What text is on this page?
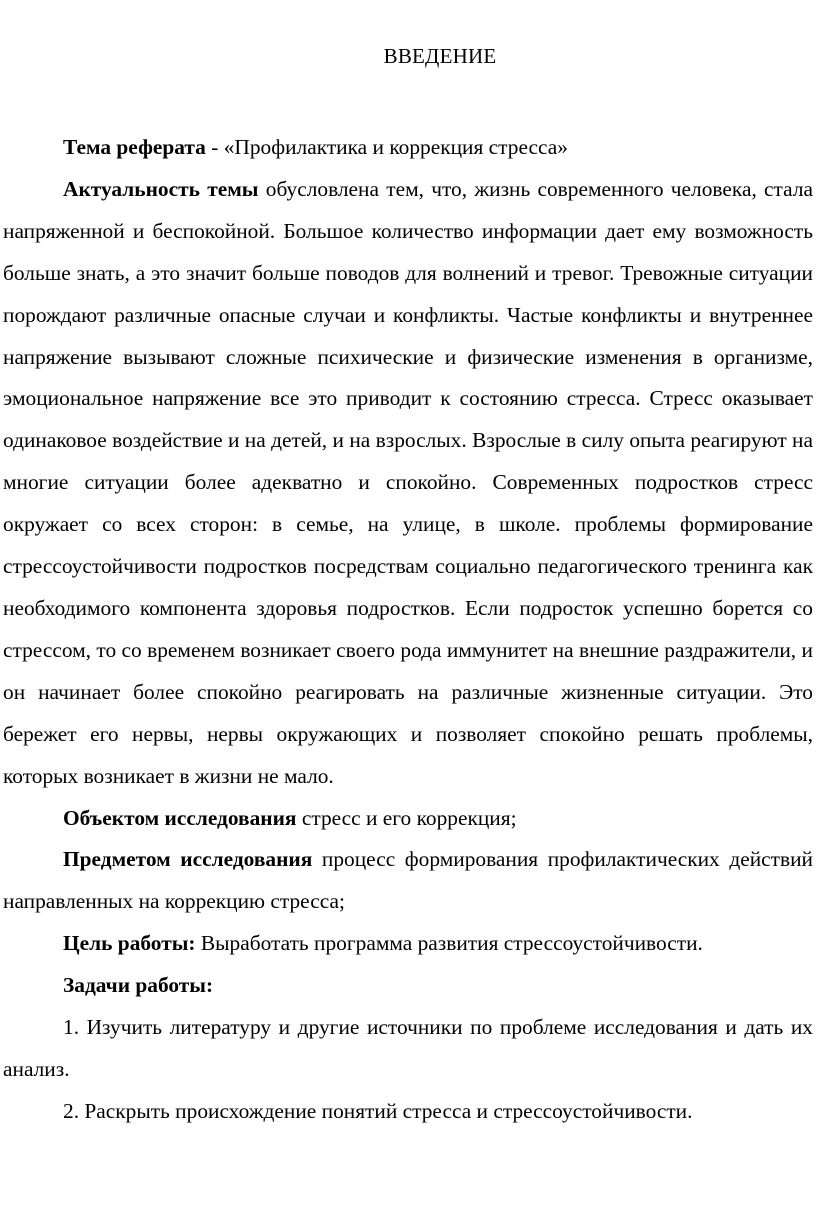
ВВЕДЕНИЕ

Тема реферата - «Профилактика и коррекция стресса»

Актуальность темы обусловлена тем, что, жизнь современного человека, стала напряженной и беспокойной. Большое количество информации дает ему возможность больше знать, а это значит больше поводов для волнений и тревог. Тревожные ситуации порождают различные опасные случаи и конфликты. Частые конфликты и внутреннее напряжение вызывают сложные психические и физические изменения в организме, эмоциональное напряжение все это приводит к состоянию стресса. Стресс оказывает одинаковое воздействие и на детей, и на взрослых. Взрослые в силу опыта реагируют на многие ситуации более адекватно и спокойно. Современных подростков стресс окружает со всех сторон: в семье, на улице, в школе. проблемы формирование стрессоустойчивости подростков посредствам социально педагогического тренинга как необходимого компонента здоровья подростков. Если подросток успешно борется со стрессом, то со временем возникает своего рода иммунитет на внешние раздражители, и он начинает более спокойно реагировать на различные жизненные ситуации. Это бережет его нервы, нервы окружающих и позволяет спокойно решать проблемы, которых возникает в жизни не мало.

Объектом исследования стресс и его коррекция;

Предметом исследования процесс формирования профилактических действий направленных на коррекцию стресса;

Цель работы: Выработать программа развития стрессоустойчивости.

Задачи работы:

1. Изучить литературу и другие источники по проблеме исследования и дать их анализ.

2. Раскрыть происхождение понятий стресса и стрессоустойчивости.
